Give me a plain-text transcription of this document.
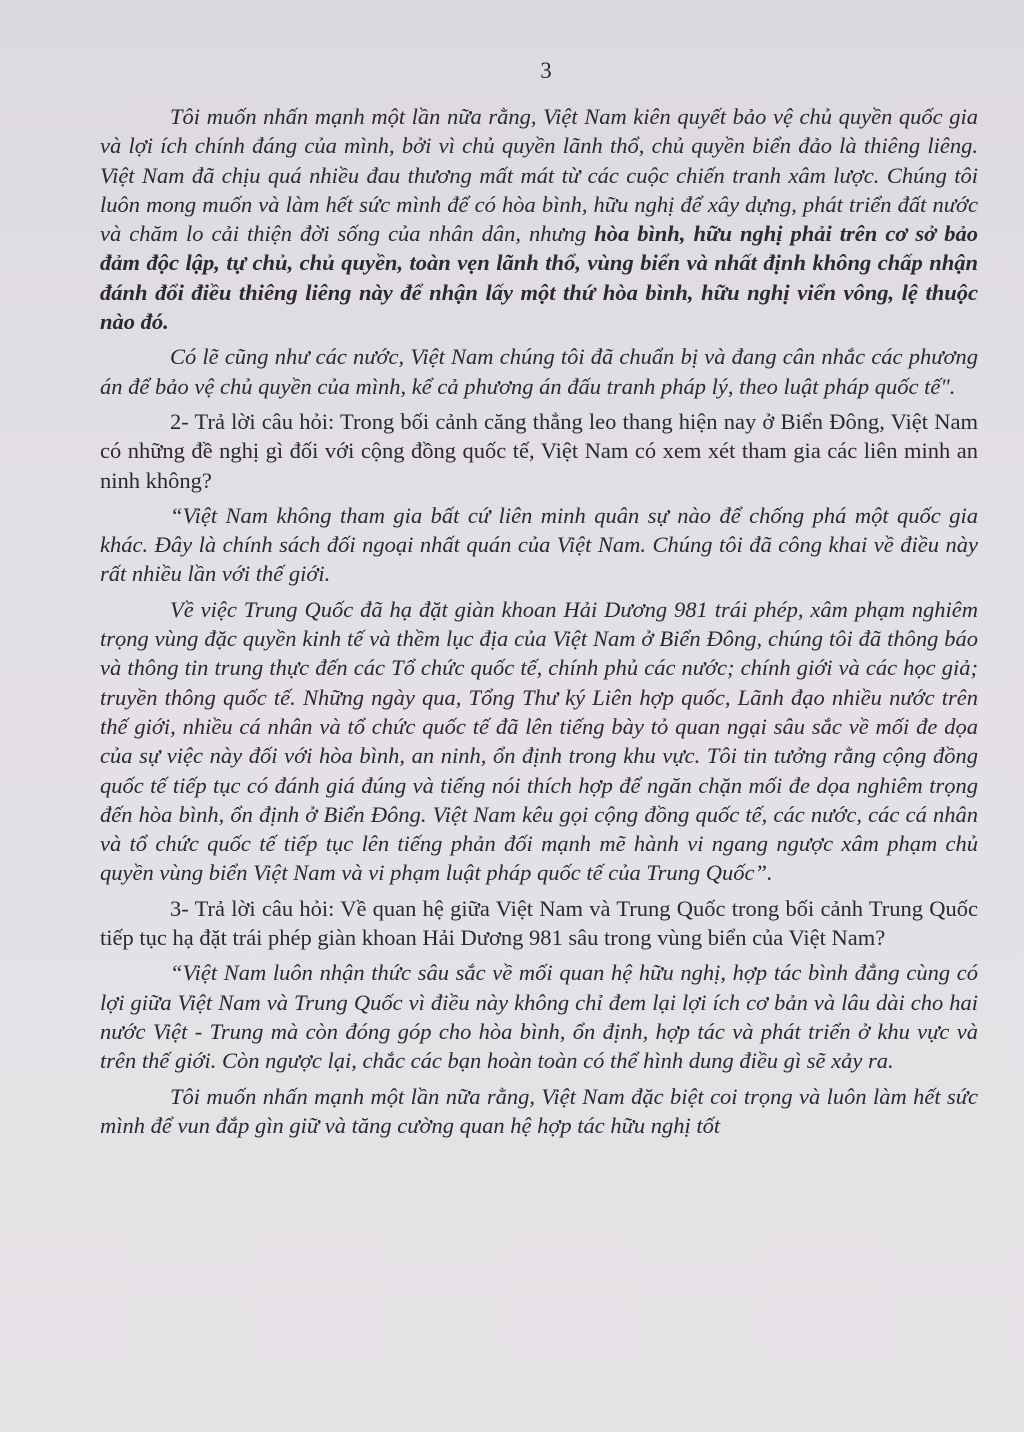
3

Tôi muốn nhấn mạnh một lần nữa rằng, Việt Nam kiên quyết bảo vệ chủ quyền quốc gia và lợi ích chính đáng của mình, bởi vì chủ quyền lãnh thổ, chủ quyền biển đảo là thiêng liêng. Việt Nam đã chịu quá nhiều đau thương mất mát từ các cuộc chiến tranh xâm lược. Chúng tôi luôn mong muốn và làm hết sức mình để có hòa bình, hữu nghị để xây dựng, phát triển đất nước và chăm lo cải thiện đời sống của nhân dân, nhưng hòa bình, hữu nghị phải trên cơ sở bảo đảm độc lập, tự chủ, chủ quyền, toàn vẹn lãnh thổ, vùng biển và nhất định không chấp nhận đánh đổi điều thiêng liêng này để nhận lấy một thứ hòa bình, hữu nghị viển vông, lệ thuộc nào đó.

Có lẽ cũng như các nước, Việt Nam chúng tôi đã chuẩn bị và đang cân nhắc các phương án để bảo vệ chủ quyền của mình, kể cả phương án đấu tranh pháp lý, theo luật pháp quốc tế".

2- Trả lời câu hỏi: Trong bối cảnh căng thẳng leo thang hiện nay ở Biển Đông, Việt Nam có những đề nghị gì đối với cộng đồng quốc tế, Việt Nam có xem xét tham gia các liên minh an ninh không?

“Việt Nam không tham gia bất cứ liên minh quân sự nào để chống phá một quốc gia khác. Đây là chính sách đối ngoại nhất quán của Việt Nam. Chúng tôi đã công khai về điều này rất nhiều lần với thế giới.

Về việc Trung Quốc đã hạ đặt giàn khoan Hải Dương 981 trái phép, xâm phạm nghiêm trọng vùng đặc quyền kinh tế và thềm lục địa của Việt Nam ở Biển Đông, chúng tôi đã thông báo và thông tin trung thực đến các Tổ chức quốc tế, chính phủ các nước; chính giới và các học giả; truyền thông quốc tế. Những ngày qua, Tổng Thư ký Liên hợp quốc, Lãnh đạo nhiều nước trên thế giới, nhiều cá nhân và tổ chức quốc tế đã lên tiếng bày tỏ quan ngại sâu sắc về mối đe dọa của sự việc này đối với hòa bình, an ninh, ổn định trong khu vực. Tôi tin tưởng rằng cộng đồng quốc tế tiếp tục có đánh giá đúng và tiếng nói thích hợp để ngăn chặn mối đe dọa nghiêm trọng đến hòa bình, ổn định ở Biển Đông. Việt Nam kêu gọi cộng đồng quốc tế, các nước, các cá nhân và tổ chức quốc tế tiếp tục lên tiếng phản đối mạnh mẽ hành vi ngang ngược xâm phạm chủ quyền vùng biển Việt Nam và vi phạm luật pháp quốc tế của Trung Quốc”.

3- Trả lời câu hỏi: Về quan hệ giữa Việt Nam và Trung Quốc trong bối cảnh Trung Quốc tiếp tục hạ đặt trái phép giàn khoan Hải Dương 981 sâu trong vùng biển của Việt Nam?

“Việt Nam luôn nhận thức sâu sắc về mối quan hệ hữu nghị, hợp tác bình đẳng cùng có lợi giữa Việt Nam và Trung Quốc vì điều này không chỉ đem lại lợi ích cơ bản và lâu dài cho hai nước Việt - Trung mà còn đóng góp cho hòa bình, ổn định, hợp tác và phát triển ở khu vực và trên thế giới. Còn ngược lại, chắc các bạn hoàn toàn có thể hình dung điều gì sẽ xảy ra.

Tôi muốn nhấn mạnh một lần nữa rằng, Việt Nam đặc biệt coi trọng và luôn làm hết sức mình để vun đắp gìn giữ và tăng cường quan hệ hợp tác hữu nghị tốt
